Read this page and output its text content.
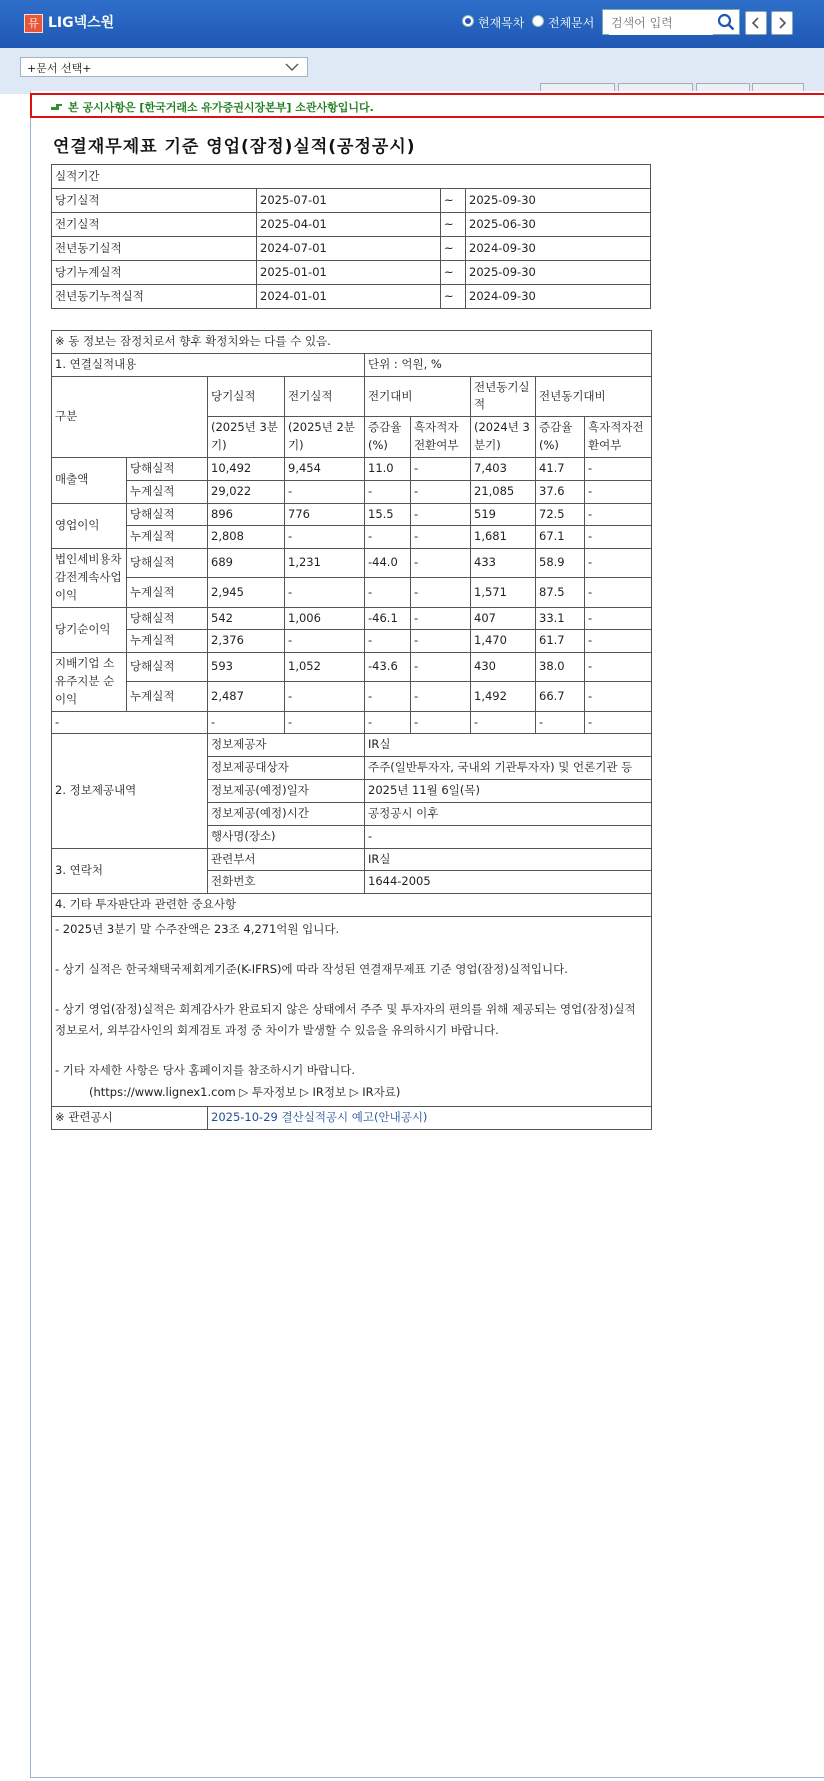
뮤 LIG넥스원	현재목차 전체문서
검색어 입력
+문서 선택+
본 공시사항은 [한국거래소 유가증권시장본부] 소관사항입니다.
연결재무제표 기준 영업(잠정)실적(공정공시)
실적기간			
당기실적	2025-07-01	~	2025-09-30
전기실적	2025-04-01	~	2025-06-30
전년동기실적	2024-07-01	~	2024-09-30
당기누계실적	2025-01-01	~	2025-09-30
전년동기누적실적	2024-01-01	~	2024-09-30
※ 동 정보는 잠정치로서 향후 확정치와는 다를 수 있음.								
1. 연결실적내용				단위 : 억원, %				
구분		당기실적	전기실적	전기대비		전년동기실적	전년동기대비	
		(2025년 3분기)	(2025년 2분기)	증감율(%)	흑자적자전환여부	(2024년 3분기)	증감율(%)	흑자적자전환여부
매출액	당해실적	10,492	9,454	11.0	-	7,403	41.7	-
	누계실적	29,022	-	-	-	21,085	37.6	-
영업이익	당해실적	896	776	15.5	-	519	72.5	-
	누계실적	2,808	-	-	-	1,681	67.1	-
법인세비용차감전계속사업이익	당해실적	689	1,231	-44.0	-	433	58.9	-
	누계실적	2,945	-	-	-	1,571	87.5	-
당기순이익	당해실적	542	1,006	-46.1	-	407	33.1	-
	누계실적	2,376	-	-	-	1,470	61.7	-
지배기업 소유주지분 순이익	당해실적	593	1,052	-43.6	-	430	38.0	-
	누계실적	2,487	-	-	-	1,492	66.7	-
-		-	-	-	-	-	-	-
2. 정보제공내역		정보제공자		IR실				
		정보제공대상자		주주(일반투자자, 국내외 기관투자자) 및 언론기관 등				
		정보제공(예정)일자		2025년 11월 6일(목)				
		정보제공(예정)시간		공정공시 이후				
		행사명(장소)		-				
3. 연락처		관련부서		IR실				
		전화번호		1644-2005				
4. 기타 투자판단과 관련한 중요사항								

- 2025년 3분기 말 수주잔액은 23조 4,271억원 입니다.
- 상기 실적은 한국채택국제회계기준(K-IFRS)에 따라 작성된 연결재무제표 기준 영업(잠정)실적입니다.
- 상기 영업(잠정)실적은 회계감사가 완료되지 않은 상태에서 주주 및 투자자의 편의를 위해 제공되는 영업(잠정)실적 정보로서, 외부감사인의 회계검토 과정 중 차이가 발생할 수 있음을 유의하시기 바랍니다.
- 기타 자세한 사항은 당사 홈페이지를 참조하시기 바랍니다.
(https://www.lignex1.com ▷ 투자정보 ▷ IR정보 ▷ IR자료)								

※ 관련공시		2025-10-29 결산실적공시 예고(안내공시)						
